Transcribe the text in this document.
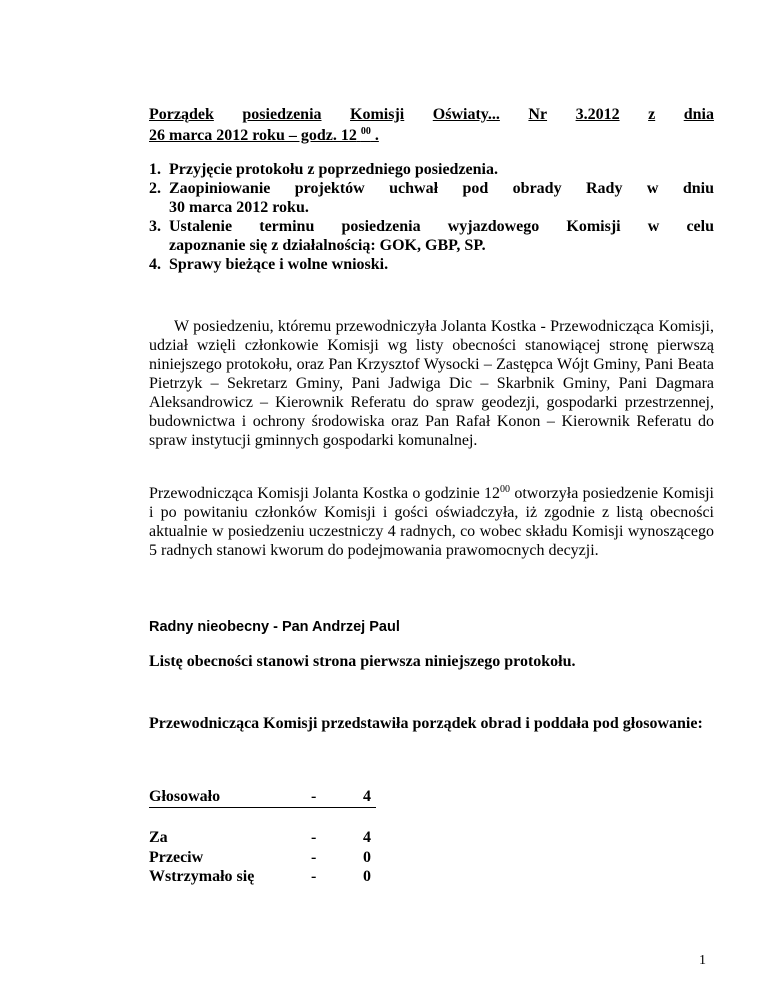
Porządek posiedzenia Komisji Oświaty... Nr 3.2012 z dnia
26 marca 2012 roku – godz. 12 $^{00}$ .
1. Przyjęcie protokołu z poprzedniego posiedzenia.
2. Zaopiniowanie projektów uchwał pod obrady Rady w dniu
30 marca 2012 roku.
3. Ustalenie terminu posiedzenia wyjazdowego Komisji w celu
zapoznanie się z działalnością: GOK, GBP, SP.
4. Sprawy bieżące i wolne wnioski.

W posiedzeniu, któremu przewodniczyła Jolanta Kostka - Przewodnicząca Komisji, udział wzięli członkowie Komisji wg listy obecności stanowiącej stronę pierwszą niniejszego protokołu, oraz Pan Krzysztof Wysocki – Zastępca Wójt Gminy, Pani Beata Pietrzyk – Sekretarz Gminy, Pani Jadwiga Dic – Skarbnik Gminy, Pani Dagmara Aleksandrowicz – Kierownik Referatu do spraw geodezji, gospodarki przestrzennej, budownictwa i ochrony środowiska oraz Pan Rafał Konon – Kierownik Referatu do spraw instytucji gminnych gospodarki komunalnej.

Przewodnicząca Komisji Jolanta Kostka o godzinie $12^{00}$ otworzyła posiedzenie Komisji i po powitaniu członków Komisji i gości oświadczyła, iż zgodnie z listą obecności aktualnie w posiedzeniu uczestniczy 4 radnych, co wobec składu Komisji wynoszącego 5 radnych stanowi kworum do podejmowania prawomocnych decyzji.

Radny nieobecny - Pan Andrzej Paul
Listę obecności stanowi strona pierwsza niniejszego protokołu.
Przewodnicząca Komisji przedstawiła porządek obrad i poddała pod głosowanie:
Głosowało	-	4
Za	-	4
Przeciw	-	0
Wstrzymało się	-	0
1
